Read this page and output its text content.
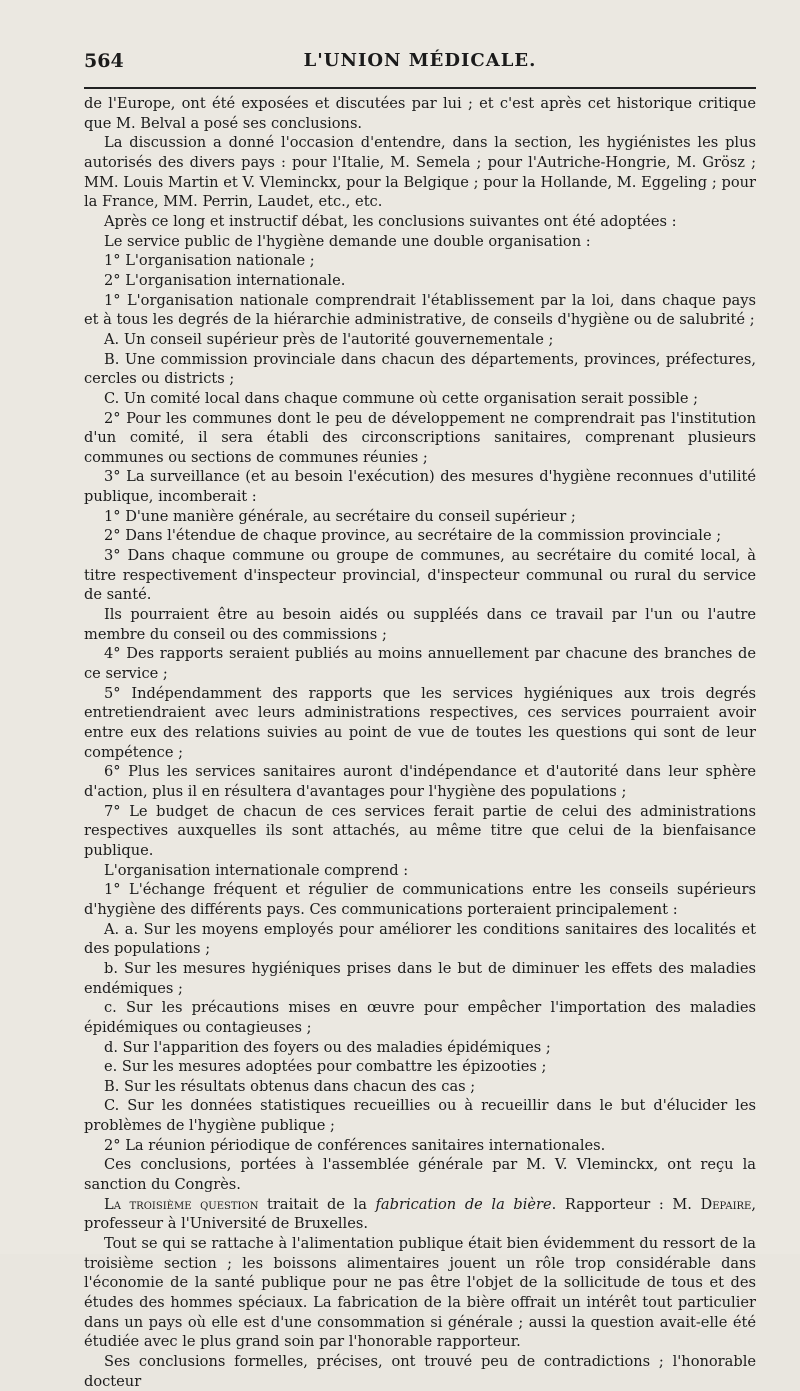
564	L'UNION MÉDICALE.

de l'Europe, ont été exposées et discutées par lui ; et c'est après cet historique critique que M. Belval a posé ses conclusions.

La discussion a donné l'occasion d'entendre, dans la section, les hygiénistes les plus autorisés des divers pays : pour l'Italie, M. Semela ; pour l'Autriche-Hongrie, M. Grösz ; MM. Louis Martin et V. Vleminckx, pour la Belgique ; pour la Hollande, M. Eggeling ; pour la France, MM. Perrin, Laudet, etc., etc.

Après ce long et instructif débat, les conclusions suivantes ont été adoptées :

Le service public de l'hygiène demande une double organisation :

1° L'organisation nationale ;

2° L'organisation internationale.

1° L'organisation nationale comprendrait l'établissement par la loi, dans chaque pays et à tous les degrés de la hiérarchie administrative, de conseils d'hygiène ou de salubrité ;

A. Un conseil supérieur près de l'autorité gouvernementale ;

B. Une commission provinciale dans chacun des départements, provinces, préfectures, cercles ou districts ;

C. Un comité local dans chaque commune où cette organisation serait possible ;

2° Pour les communes dont le peu de développement ne comprendrait pas l'institution d'un comité, il sera établi des circonscriptions sanitaires, comprenant plusieurs communes ou sections de communes réunies ;

3° La surveillance (et au besoin l'exécution) des mesures d'hygiène reconnues d'utilité publique, incomberait :

1° D'une manière générale, au secrétaire du conseil supérieur ;

2° Dans l'étendue de chaque province, au secrétaire de la commission provinciale ;

3° Dans chaque commune ou groupe de communes, au secrétaire du comité local, à titre respectivement d'inspecteur provincial, d'inspecteur communal ou rural du service de santé.

Ils pourraient être au besoin aidés ou suppléés dans ce travail par l'un ou l'autre membre du conseil ou des commissions ;

4° Des rapports seraient publiés au moins annuellement par chacune des branches de ce service ;

5° Indépendamment des rapports que les services hygiéniques aux trois degrés entretiendraient avec leurs administrations respectives, ces services pourraient avoir entre eux des relations suivies au point de vue de toutes les questions qui sont de leur compétence ;

6° Plus les services sanitaires auront d'indépendance et d'autorité dans leur sphère d'action, plus il en résultera d'avantages pour l'hygiène des populations ;

7° Le budget de chacun de ces services ferait partie de celui des administrations respectives auxquelles ils sont attachés, au même titre que celui de la bienfaisance publique.

L'organisation internationale comprend :

1° L'échange fréquent et régulier de communications entre les conseils supérieurs d'hygiène des différents pays. Ces communications porteraient principalement :

A. a. Sur les moyens employés pour améliorer les conditions sanitaires des localités et des populations ;

b. Sur les mesures hygiéniques prises dans le but de diminuer les effets des maladies endémiques ;

c. Sur les précautions mises en œuvre pour empêcher l'importation des maladies épidémiques ou contagieuses ;

d. Sur l'apparition des foyers ou des maladies épidémiques ;

e. Sur les mesures adoptées pour combattre les épizooties ;

B. Sur les résultats obtenus dans chacun des cas ;

C. Sur les données statistiques recueillies ou à recueillir dans le but d'élucider les problèmes de l'hygiène publique ;

2° La réunion périodique de conférences sanitaires internationales.

Ces conclusions, portées à l'assemblée générale par M. V. Vleminckx, ont reçu la sanction du Congrès.

La troisième question traitait de la fabrication de la bière. Rapporteur : M. Depaire, professeur à l'Université de Bruxelles.

Tout se qui se rattache à l'alimentation publique était bien évidemment du ressort de la troisième section ; les boissons alimentaires jouent un rôle trop considérable dans l'économie de la santé publique pour ne pas être l'objet de la sollicitude de tous et des études des hommes spéciaux. La fabrication de la bière offrait un intérêt tout particulier dans un pays où elle est d'une consommation si générale ; aussi la question avait-elle été étudiée avec le plus grand soin par l'honorable rapporteur.

Ses conclusions formelles, précises, ont trouvé peu de contradictions ; l'honorable docteur
